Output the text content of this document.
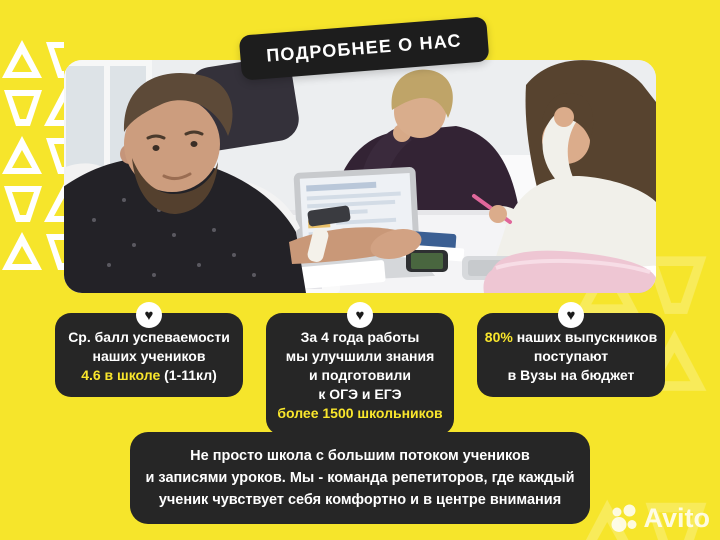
ПОДРОБНЕЕ О НАС
♥

Ср. балл успеваемости

наших учеников

4.6 в школе (1-11кл)

♥

За 4 года работы

мы улучшили знания

и подготовили

к ОГЭ и ЕГЭ

более 1500 школьников

♥

80% наших выпускников

поступают

в Вузы на бюджет

Не просто школа с большим потоком учеников

и записями уроков. Мы - команда репетиторов, где каждый

ученик чувствует себя комфортно и в центре внимания

Avito
